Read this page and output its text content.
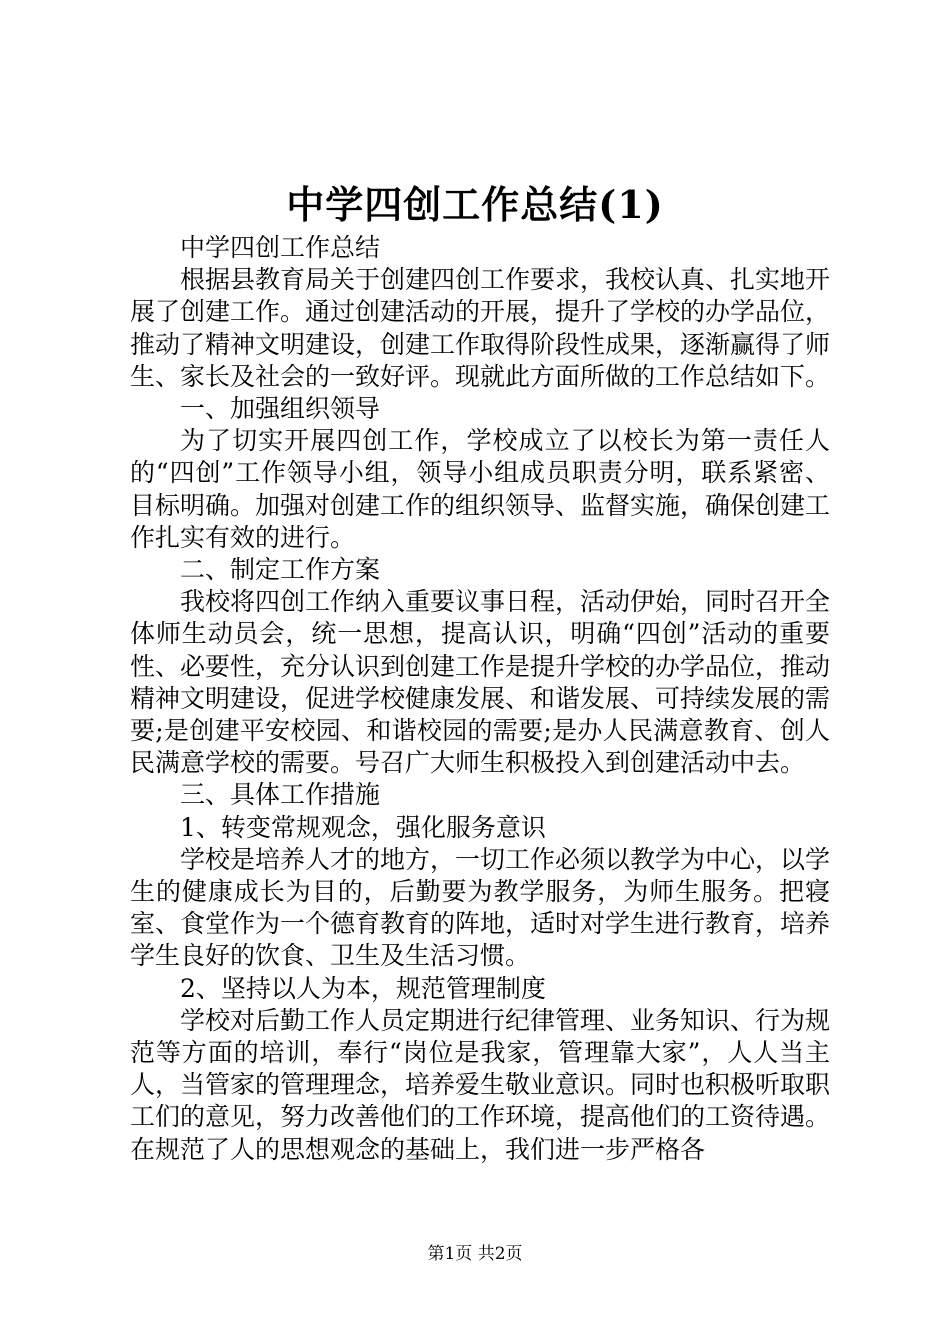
中学四创工作总结(1)

中学四创工作总结

根据县教育局关于创建四创工作要求，我校认真、扎实地开展了创建工作。通过创建活动的开展，提升了学校的办学品位，推动了精神文明建设，创建工作取得阶段性成果，逐渐赢得了师生、家长及社会的一致好评。现就此方面所做的工作总结如下。

一、加强组织领导

为了切实开展四创工作，学校成立了以校长为第一责任人的“四创”工作领导小组，领导小组成员职责分明，联系紧密、目标明确。加强对创建工作的组织领导、监督实施，确保创建工作扎实有效的进行。

二、制定工作方案

我校将四创工作纳入重要议事日程，活动伊始，同时召开全体师生动员会，统一思想，提高认识，明确“四创”活动的重要性、必要性，充分认识到创建工作是提升学校的办学品位，推动精神文明建设，促进学校健康发展、和谐发展、可持续发展的需要;是创建平安校园、和谐校园的需要;是办人民满意教育、创人民满意学校的需要。号召广大师生积极投入到创建活动中去。

三、具体工作措施

1、转变常规观念，强化服务意识

学校是培养人才的地方，一切工作必须以教学为中心，以学生的健康成长为目的，后勤要为教学服务，为师生服务。把寝室、食堂作为一个德育教育的阵地，适时对学生进行教育，培养学生良好的饮食、卫生及生活习惯。

2、坚持以人为本，规范管理制度

学校对后勤工作人员定期进行纪律管理、业务知识、行为规范等方面的培训，奉行“岗位是我家，管理靠大家”，人人当主人，当管家的管理理念，培养爱生敬业意识。同时也积极听取职工们的意见，努力改善他们的工作环境，提高他们的工资待遇。在规范了人的思想观念的基础上，我们进一步严格各

第1页 共2页
